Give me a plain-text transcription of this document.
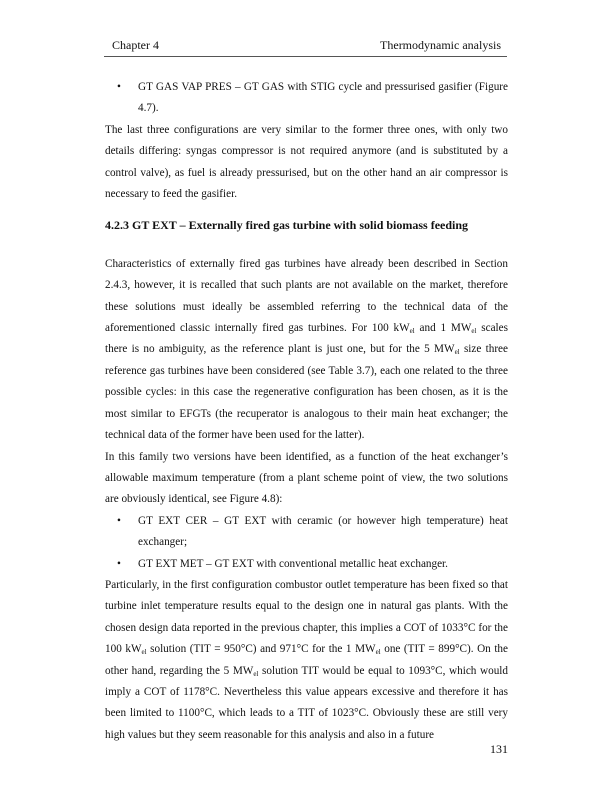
Chapter 4	Thermodynamic analysis
• GT GAS VAP PRES – GT GAS with STIG cycle and pressurised gasifier (Figure 4.7).

The last three configurations are very similar to the former three ones, with only two details differing: syngas compressor is not required anymore (and is substituted by a control valve), as fuel is already pressurised, but on the other hand an air compressor is necessary to feed the gasifier.

4.2.3 GT EXT – Externally fired gas turbine with solid biomass feeding

Characteristics of externally fired gas turbines have already been described in Section 2.4.3, however, it is recalled that such plants are not available on the market, therefore these solutions must ideally be assembled referring to the technical data of the aforementioned classic internally fired gas turbines. For 100 $kW_{el}$ and 1 $MW_{el}$ scales there is no ambiguity, as the reference plant is just one, but for the 5 $MW_{el}$ size three reference gas turbines have been considered (see Table 3.7), each one related to the three possible cycles: in this case the regenerative configuration has been chosen, as it is the most similar to EFGTs (the recuperator is analogous to their main heat exchanger; the technical data of the former have been used for the latter).

In this family two versions have been identified, as a function of the heat exchanger’s allowable maximum temperature (from a plant scheme point of view, the two solutions are obviously identical, see Figure 4.8):

• GT EXT CER – GT EXT with ceramic (or however high temperature) heat exchanger;
• GT EXT MET – GT EXT with conventional metallic heat exchanger.

Particularly, in the first configuration combustor outlet temperature has been fixed so that turbine inlet temperature results equal to the design one in natural gas plants. With the chosen design data reported in the previous chapter, this implies a COT of 1033°C for the 100 $kW_{el}$ solution (TIT = 950°C) and 971°C for the 1 $MW_{el}$ one (TIT = 899°C). On the other hand, regarding the 5 $MW_{el}$ solution TIT would be equal to 1093°C, which would imply a COT of 1178°C. Nevertheless this value appears excessive and therefore it has been limited to 1100°C, which leads to a TIT of 1023°C. Obviously these are still very high values but they seem reasonable for this analysis and also in a future

131
